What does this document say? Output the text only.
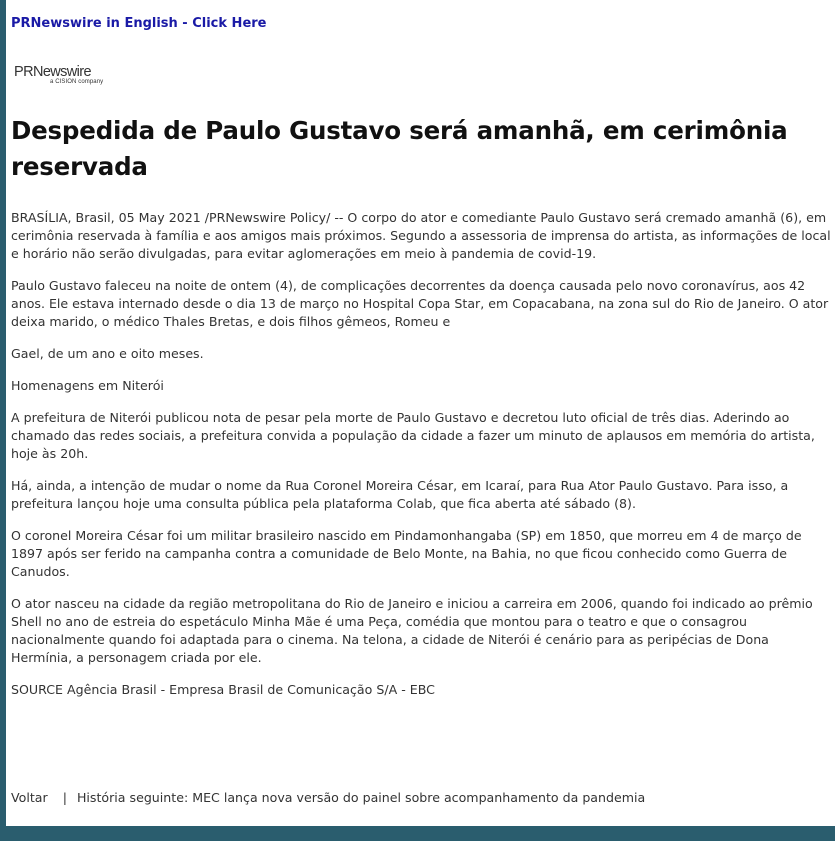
PRNewswire in English - Click Here
PRNewswire
a CISION company
Despedida de Paulo Gustavo será amanhã, em cerimônia reservada

BRASÍLIA, Brasil, 05 May 2021 /PRNewswire Policy/ -- O corpo do ator e comediante Paulo Gustavo será cremado amanhã (6), em cerimônia reservada à família e aos amigos mais próximos. Segundo a assessoria de imprensa do artista, as informações de local e horário não serão divulgadas, para evitar aglomerações em meio à pandemia de covid-19.

Paulo Gustavo faleceu na noite de ontem (4), de complicações decorrentes da doença causada pelo novo coronavírus, aos 42 anos. Ele estava internado desde o dia 13 de março no Hospital Copa Star, em Copacabana, na zona sul do Rio de Janeiro. O ator deixa marido, o médico Thales Bretas, e dois filhos gêmeos, Romeu e

Gael, de um ano e oito meses.

Homenagens em Niterói

A prefeitura de Niterói publicou nota de pesar pela morte de Paulo Gustavo e decretou luto oficial de três dias. Aderindo ao chamado das redes sociais, a prefeitura convida a população da cidade a fazer um minuto de aplausos em memória do artista, hoje às 20h.

Há, ainda, a intenção de mudar o nome da Rua Coronel Moreira César, em Icaraí, para Rua Ator Paulo Gustavo. Para isso, a prefeitura lançou hoje uma consulta pública pela plataforma Colab, que fica aberta até sábado (8).

O coronel Moreira César foi um militar brasileiro nascido em Pindamonhangaba (SP) em 1850, que morreu em 4 de março de 1897 após ser ferido na campanha contra a comunidade de Belo Monte, na Bahia, no que ficou conhecido como Guerra de Canudos.

O ator nasceu na cidade da região metropolitana do Rio de Janeiro e iniciou a carreira em 2006, quando foi indicado ao prêmio Shell no ano de estreia do espetáculo Minha Mãe é uma Peça, comédia que montou para o teatro e que o consagrou nacionalmente quando foi adaptada para o cinema. Na telona, a cidade de Niterói é cenário para as peripécias de Dona Hermínia, a personagem criada por ele.

SOURCE Agência Brasil - Empresa Brasil de Comunicação S/A - EBC

Voltar | História seguinte: MEC lança nova versão do painel sobre acompanhamento da pandemia
